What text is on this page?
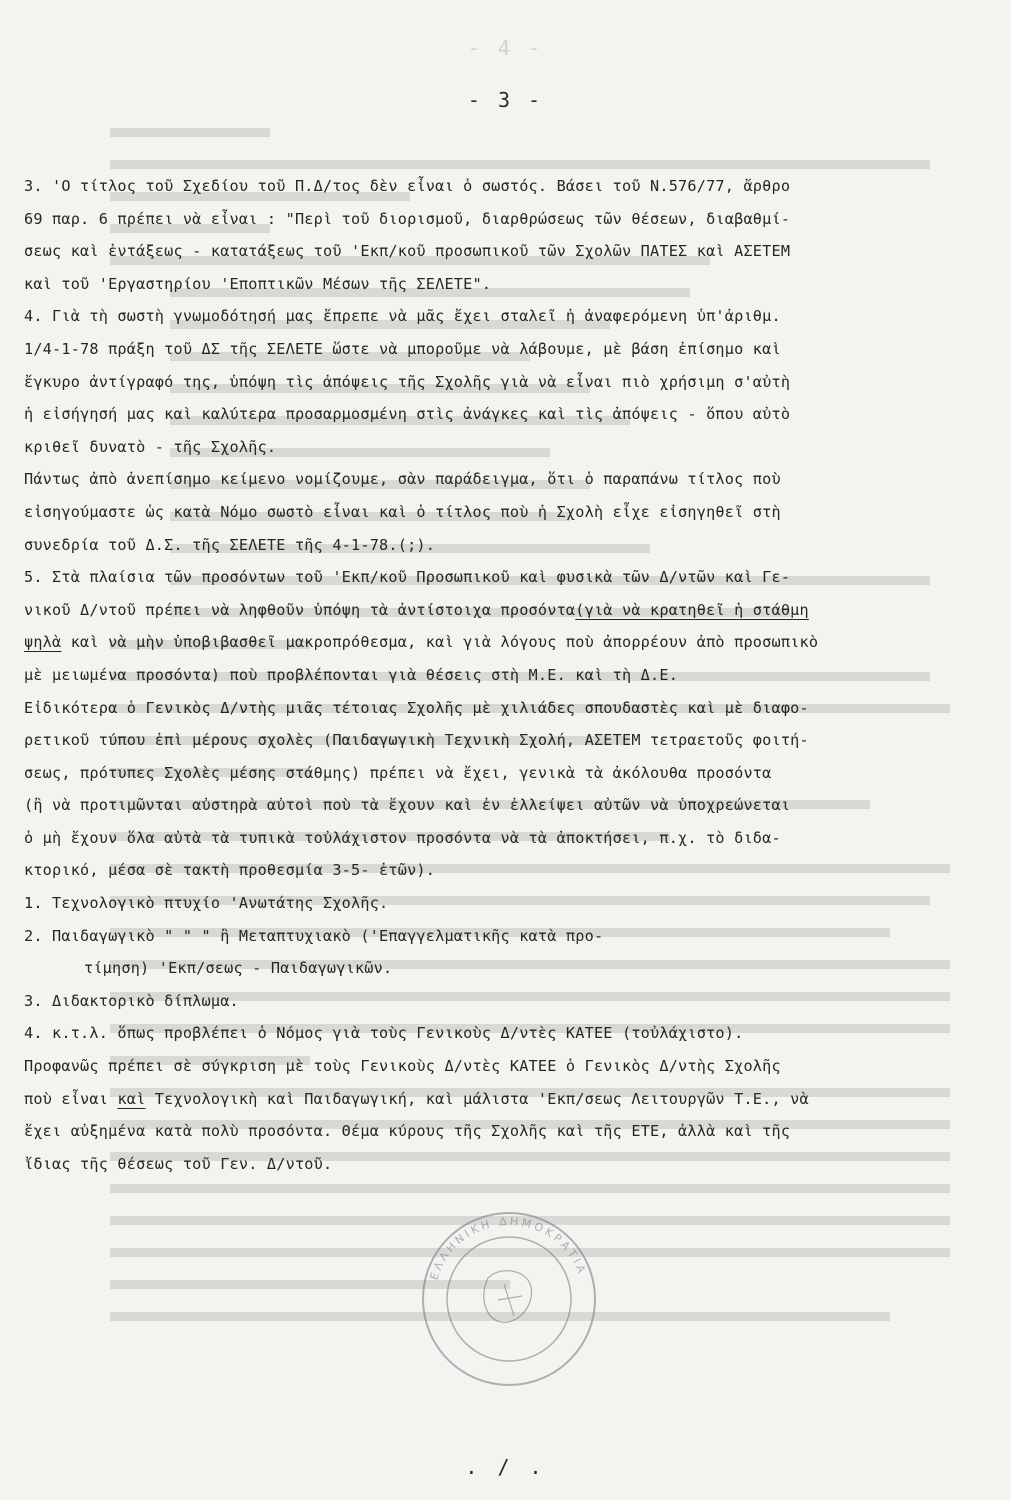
- 4 -
- 3 -
3. 'Ο τίτλος τοῦ Σχεδίου τοῦ Π.Δ/τος δὲν εἶναι ὁ σωστός. Βάσει τοῦ Ν.576/77, ἄρθρο
69 παρ. 6 πρέπει νὰ εἶναι : "Περὶ τοῦ διορισμοῦ, διαρθρώσεως τῶν θέσεων, διαβαθμί-
σεως καὶ ἐντάξεως - κατατάξεως τοῦ 'Εκπ/κοῦ προσωπικοῦ τῶν Σχολῶν ΠΑΤΕΣ καὶ ΑΣΕΤΕΜ
καὶ τοῦ 'Εργαστηρίου 'Εποπτικῶν Μέσων τῆς ΣΕΛΕΤΕ".
4. Γιὰ τὴ σωστὴ γνωμοδότησή μας ἔπρεπε νὰ μᾶς ἔχει σταλεῖ ἡ ἀναφερόμενη ὑπ'ἀριθμ.
1/4-1-78 πράξη τοῦ ΔΣ τῆς ΣΕΛΕΤΕ ὥστε νὰ μποροῦμε νὰ λάβουμε, μὲ βάση ἐπίσημο καὶ
ἔγκυρο ἀντίγραφό της, ὑπόψη τὶς ἀπόψεις τῆς Σχολῆς γιὰ νὰ εἶναι πιὸ χρήσιμη σ'αὐτὴ
ἡ εἰσήγησή μας καὶ καλύτερα προσαρμοσμένη στὶς ἀνάγκες καὶ τὶς ἀπόψεις - ὅπου αὐτὸ
κριθεῖ δυνατὸ - τῆς Σχολῆς.
Πάντως ἀπὸ ἀνεπίσημο κείμενο νομίζουμε, σὰν παράδειγμα, ὅτι ὁ παραπάνω τίτλος ποὺ
εἰσηγούμαστε ὡς κατὰ Νόμο σωστὸ εἶναι καὶ ὁ τίτλος ποὺ ἡ Σχολὴ εἶχε εἰσηγηθεῖ στὴ
συνεδρία τοῦ Δ.Σ. τῆς ΣΕΛΕΤΕ τῆς 4-1-78.(;).
5. Στὰ πλαίσια τῶν προσόντων τοῦ 'Εκπ/κοῦ Προσωπικοῦ καὶ φυσικὰ τῶν Δ/ντῶν καὶ Γε-
νικοῦ Δ/ντοῦ πρέπει νὰ ληφθοῦν ὑπόψη τὰ ἀντίστοιχα προσόντα(γιὰ νὰ κρατηθεῖ ἡ στάθμη
ψηλὰ καὶ νὰ μὴν ὑποβιβασθεῖ μακροπρόθεσμα, καὶ γιὰ λόγους ποὺ ἀπορρέουν ἀπὸ προσωπικὸ
μὲ μειωμένα προσόντα) ποὺ προβλέπονται γιὰ θέσεις στὴ Μ.Ε. καὶ τὴ Δ.Ε.
Εἰδικότερα ὁ Γενικὸς Δ/ντὴς μιᾶς τέτοιας Σχολῆς μὲ χιλιάδες σπουδαστὲς καὶ μὲ διαφο-
ρετικοῦ τύπου ἐπὶ μέρους σχολὲς (Παιδαγωγικὴ Τεχνικὴ Σχολή, ΑΣΕΤΕΜ τετραετοῦς φοιτή-
σεως, πρότυπες Σχολὲς μέσης στάθμης) πρέπει νὰ ἔχει, γενικὰ τὰ ἀκόλουθα προσόντα
(ἢ νὰ προτιμῶνται αὐστηρὰ αὐτοὶ ποὺ τὰ ἔχουν καὶ ἐν ἐλλείψει αὐτῶν νὰ ὑποχρεώνεται
ὁ μὴ ἔχουν ὅλα αὐτὰ τὰ τυπικὰ τοὐλάχιστον προσόντα νὰ τὰ ἀποκτήσει, π.χ. τὸ διδα-
κτορικό, μέσα σὲ τακτὴ προθεσμία 3-5- ἐτῶν).
1. Τεχνολογικὸ πτυχίο 'Ανωτάτης Σχολῆς.
2. Παιδαγωγικὸ " " " ἢ Μεταπτυχιακὸ ('Επαγγελματικῆς κατὰ προ-
τίμηση) 'Εκπ/σεως - Παιδαγωγικῶν.
3. Διδακτορικὸ δίπλωμα.
4. κ.τ.λ. ὅπως προβλέπει ὁ Νόμος γιὰ τοὺς Γενικοὺς Δ/ντὲς ΚΑΤΕΕ (τοὐλάχιστο).
Προφανῶς πρέπει σὲ σύγκριση μὲ τοὺς Γενικοὺς Δ/ντὲς ΚΑΤΕΕ ὁ Γενικὸς Δ/ντὴς Σχολῆς
ποὺ εἶναι καὶ Τεχνολογικὴ καὶ Παιδαγωγική, καὶ μάλιστα 'Εκπ/σεως Λειτουργῶν Τ.Ε., νὰ
ἔχει αὐξημένα κατὰ πολὺ προσόντα. Θέμα κύρους τῆς Σχολῆς καὶ τῆς ΕΤΕ, ἀλλὰ καὶ τῆς
ἴδιας τῆς θέσεως τοῦ Γεν. Δ/ντοῦ.
ΕΛΛΗΝΙΚΗ ΔΗΜΟΚΡΑΤΙΑ
. / .
